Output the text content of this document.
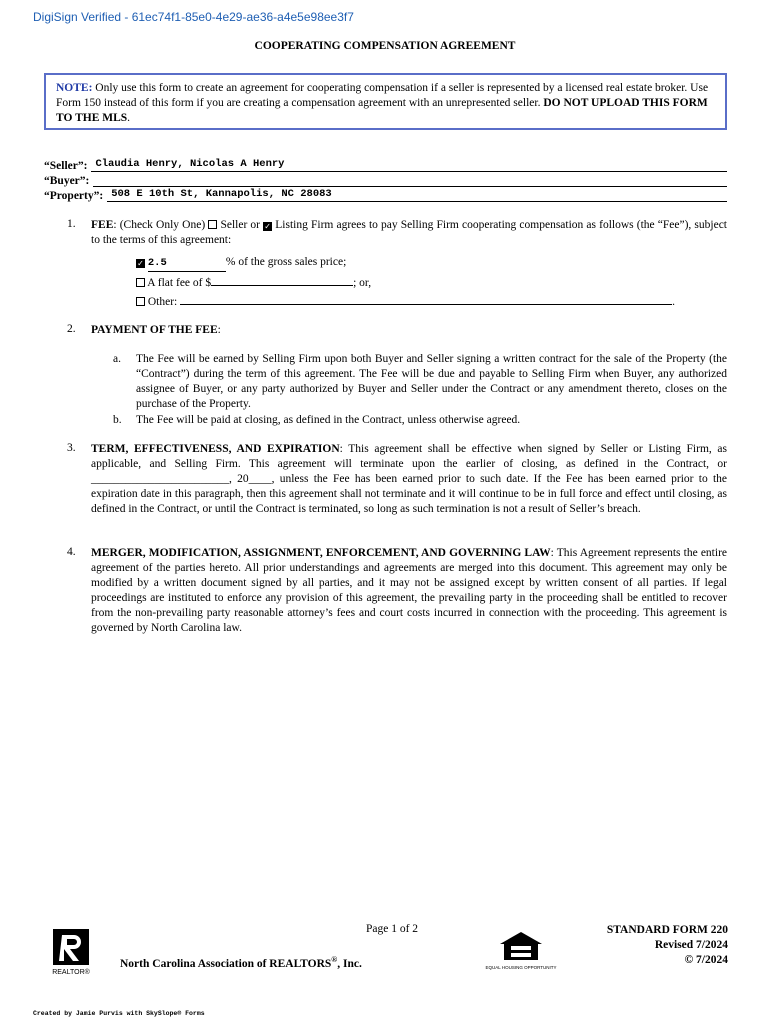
DigiSign Verified - 61ec74f1-85e0-4e29-ae36-a4e5e98ee3f7
COOPERATING COMPENSATION AGREEMENT
NOTE: Only use this form to create an agreement for cooperating compensation if a seller is represented by a licensed real estate broker. Use Form 150 instead of this form if you are creating a compensation agreement with an unrepresented seller. DO NOT UPLOAD THIS FORM TO THE MLS.
“Seller”: Claudia Henry, Nicolas A Henry
“Buyer”:
“Property”: 508 E 10th St, Kannapolis, NC 28083
1. FEE: (Check Only One)  Seller or ✓ Listing Firm agrees to pay Selling Firm cooperating compensation as follows (the “Fee”), subject to the terms of this agreement:
✓ 2.5	% of the gross sales price;
A flat fee of $	; or,
Other:	.
2. PAYMENT OF THE FEE:
a. The Fee will be earned by Selling Firm upon both Buyer and Seller signing a written contract for the sale of the Property (the “Contract”) during the term of this agreement. The Fee will be due and payable to Selling Firm when Buyer, any authorized assignee of Buyer, or any party authorized by Buyer and Seller under the Contract or any amendment thereto, closes on the purchase of the Property.
b. The Fee will be paid at closing, as defined in the Contract, unless otherwise agreed.
3. TERM, EFFECTIVENESS, AND EXPIRATION: This agreement shall be effective when signed by Seller or Listing Firm, as applicable, and Selling Firm. This agreement will terminate upon the earlier of closing, as defined in the Contract, or ________________________, 20____, unless the Fee has been earned prior to such date. If the Fee has been earned prior to the expiration date in this paragraph, then this agreement shall not terminate and it will continue to be in full force and effect until closing, as defined in the Contract, or until the Contract is terminated, so long as such termination is not a result of Seller’s breach.
4. MERGER, MODIFICATION, ASSIGNMENT, ENFORCEMENT, AND GOVERNING LAW: This Agreement represents the entire agreement of the parties hereto. All prior understandings and agreements are merged into this document. This agreement may only be modified by a written document signed by all parties, and it may not be assigned except by written consent of all parties. If legal proceedings are instituted to enforce any provision of this agreement, the prevailing party in the proceeding shall be entitled to recover from the non-prevailing party reasonable attorney’s fees and court costs incurred in connection with the proceeding. This agreement is governed by North Carolina law.
Page 1 of 2
REALTOR®
North Carolina Association of REALTORS®, Inc.	EQUAL HOUSING OPPORTUNITY
STANDARD FORM 220
Revised 7/2024
© 7/2024
Created by Jamie Purvis with SkySlope® Forms
